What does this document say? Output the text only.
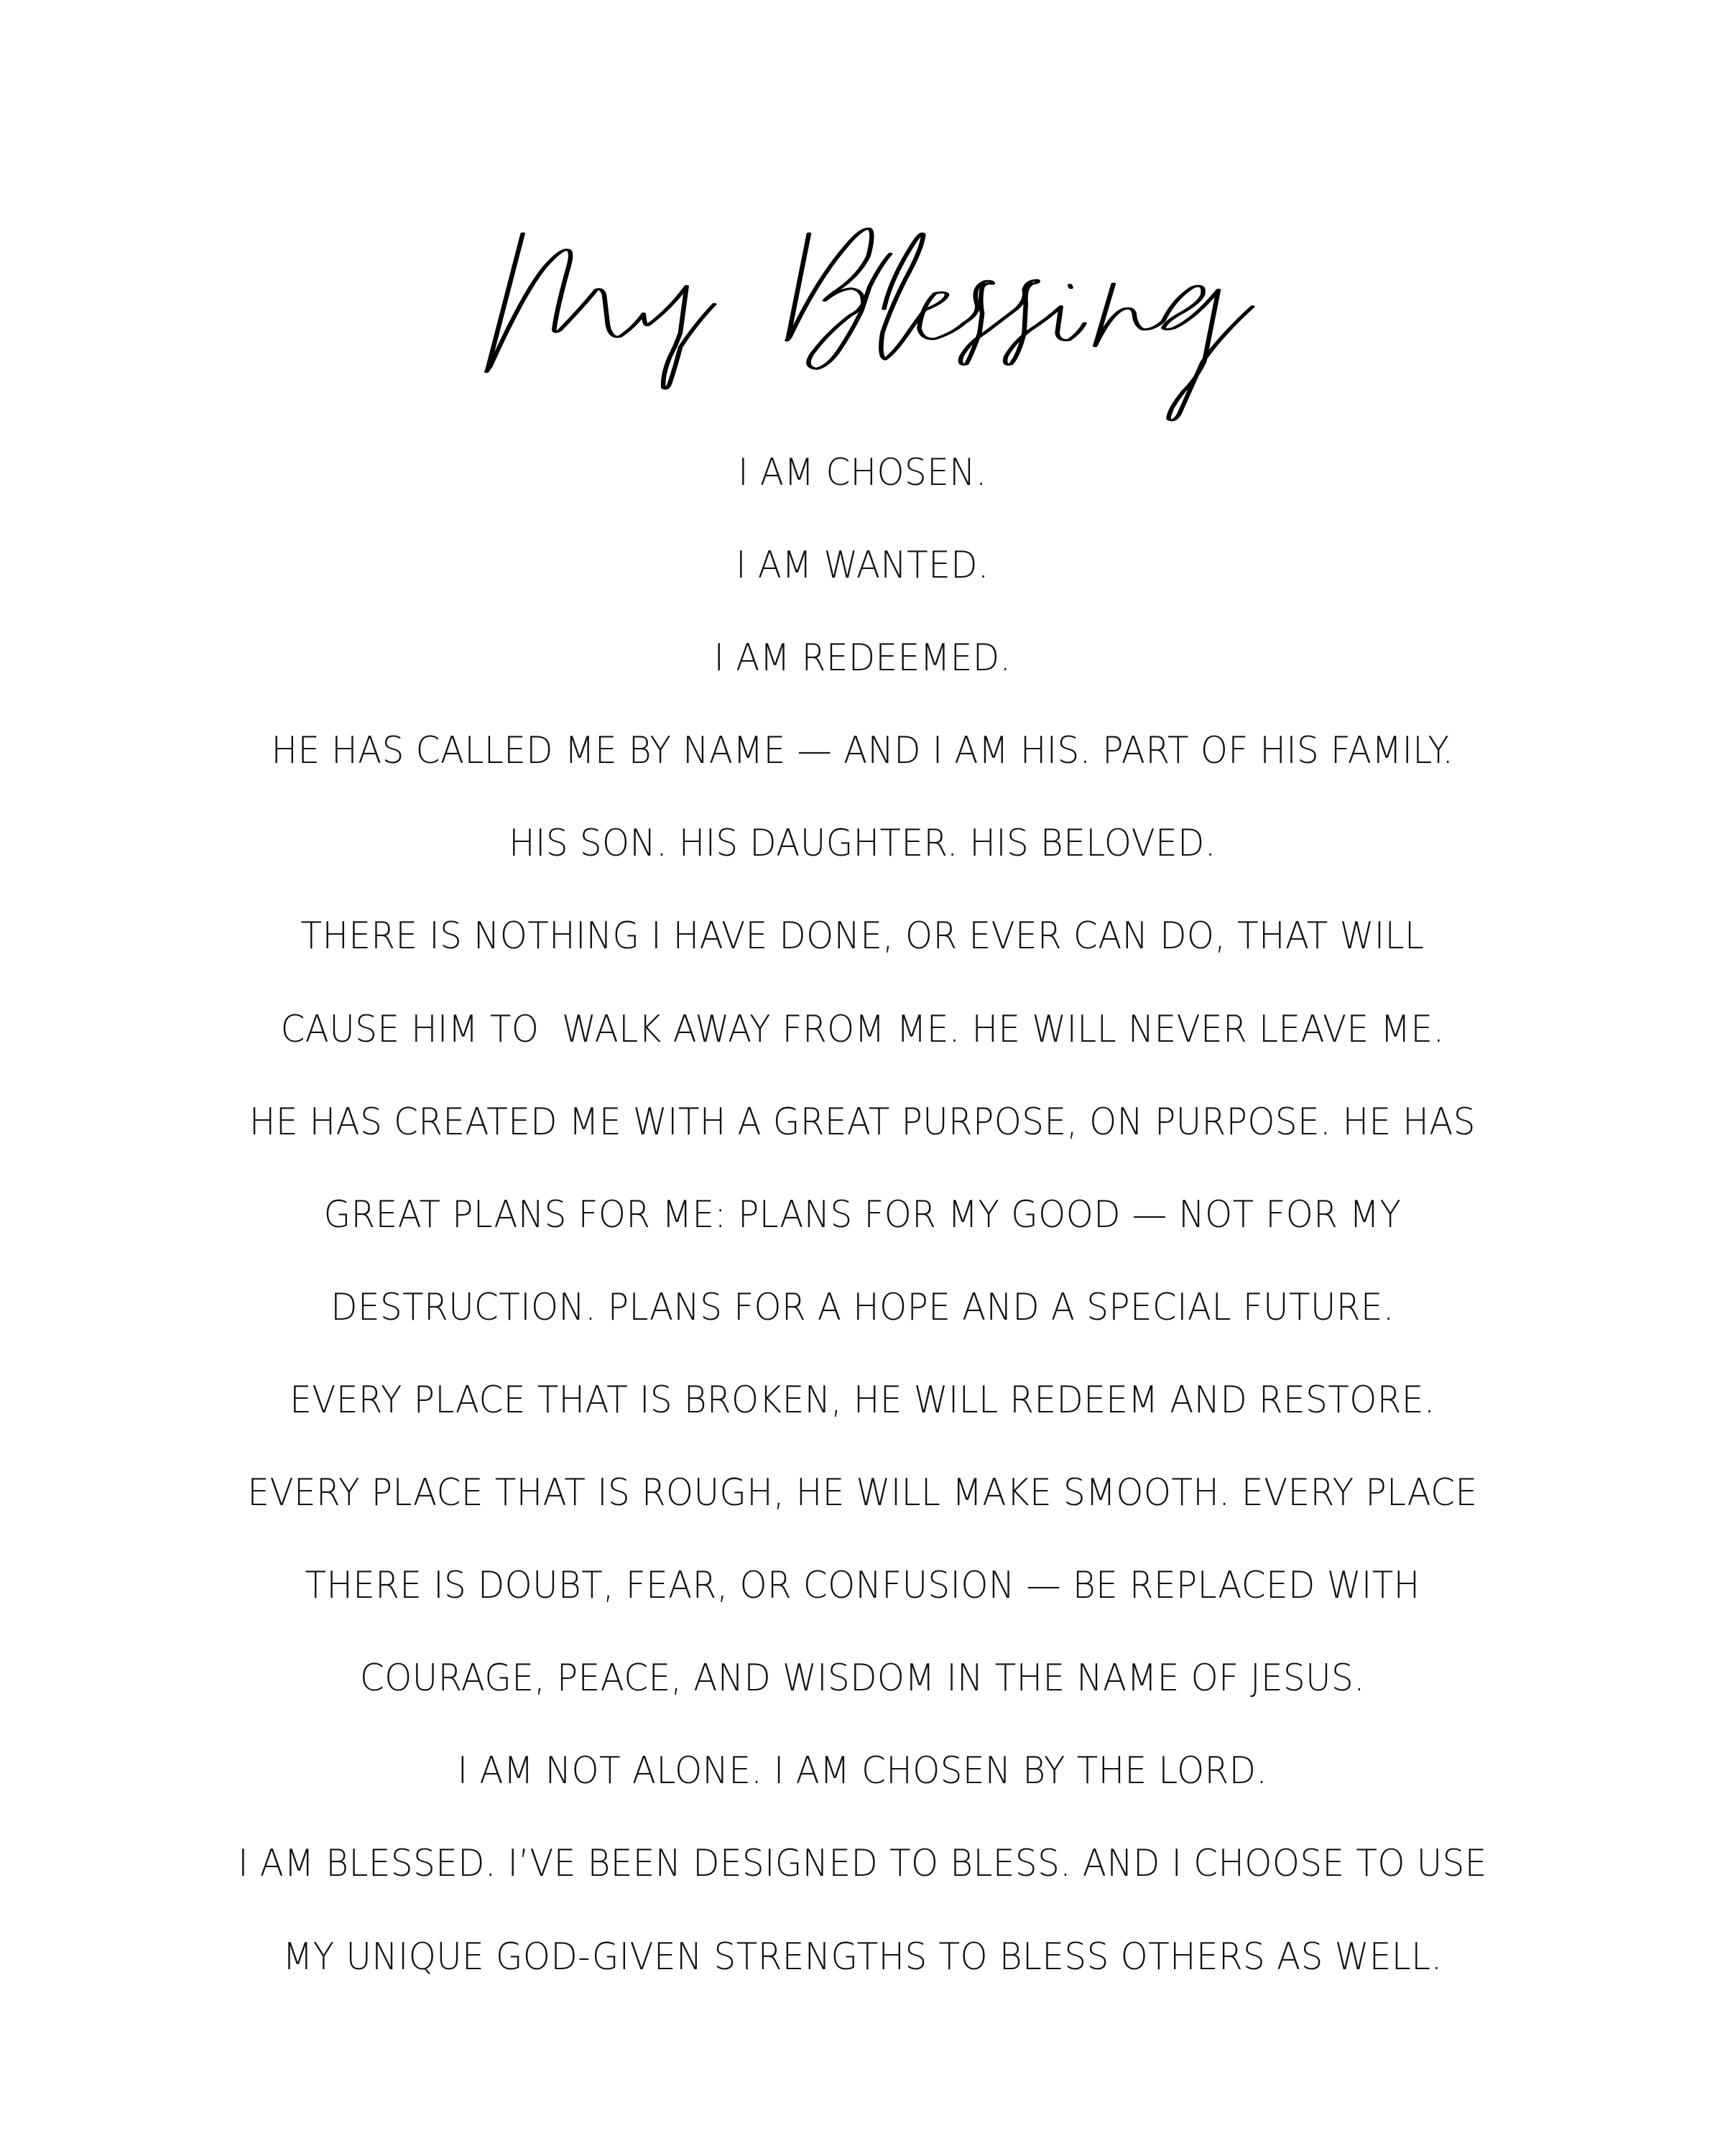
I AM CHOSEN.
I AM WANTED.
I AM REDEEMED.
HE HAS CALLED ME BY NAME — AND I AM HIS. PART OF HIS FAMILY.
HIS SON. HIS DAUGHTER. HIS BELOVED.
THERE IS NOTHING I HAVE DONE, OR EVER CAN DO, THAT WILL
CAUSE HIM TO  WALK AWAY FROM ME. HE WILL NEVER LEAVE ME.
HE HAS CREATED ME WITH A GREAT PURPOSE, ON PURPOSE. HE HAS
GREAT PLANS FOR ME: PLANS FOR MY GOOD — NOT FOR MY
DESTRUCTION. PLANS FOR A HOPE AND A SPECIAL FUTURE.
EVERY PLACE THAT IS BROKEN, HE WILL REDEEM AND RESTORE.
EVERY PLACE THAT IS ROUGH, HE WILL MAKE SMOOTH. EVERY PLACE
THERE IS DOUBT, FEAR, OR CONFUSION — BE REPLACED WITH
COURAGE, PEACE, AND WISDOM IN THE NAME OF JESUS.
I AM NOT ALONE. I AM CHOSEN BY THE LORD.
I AM BLESSED. I’VE BEEN DESIGNED TO BLESS. AND I CHOOSE TO USE
MY UNIQUE GOD-GIVEN STRENGTHS TO BLESS OTHERS AS WELL.
